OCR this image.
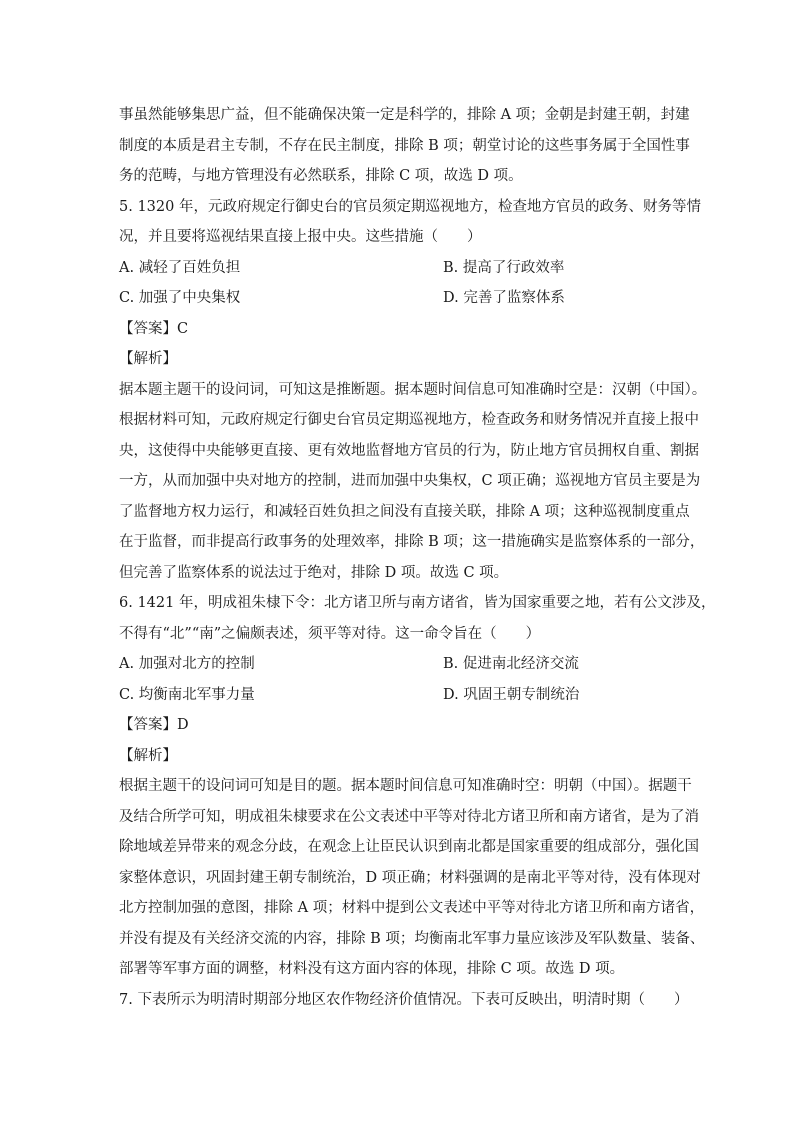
事虽然能够集思广益，但不能确保决策一定是科学的，排除 A 项；金朝是封建王朝，封建
制度的本质是君主专制，不存在民主制度，排除 B 项；朝堂讨论的这些事务属于全国性事
务的范畴，与地方管理没有必然联系，排除 C 项，故选 D 项。
5. 1320 年，元政府规定行御史台的官员须定期巡视地方，检查地方官员的政务、财务等情
况，并且要将巡视结果直接上报中央。这些措施（　　）
A. 减轻了百姓负担	B. 提高了行政效率
C. 加强了中央集权	D. 完善了监察体系
【答案】C
【解析】
据本题主题干的设问词，可知这是推断题。据本题时间信息可知准确时空是：汉朝（中国）。
根据材料可知，元政府规定行御史台官员定期巡视地方，检查政务和财务情况并直接上报中
央，这使得中央能够更直接、更有效地监督地方官员的行为，防止地方官员拥权自重、割据
一方，从而加强中央对地方的控制，进而加强中央集权，C 项正确；巡视地方官员主要是为
了监督地方权力运行，和减轻百姓负担之间没有直接关联，排除 A 项；这种巡视制度重点
在于监督，而非提高行政事务的处理效率，排除 B 项；这一措施确实是监察体系的一部分，
但完善了监察体系的说法过于绝对，排除 D 项。故选 C 项。
6. 1421 年，明成祖朱棣下令：北方诸卫所与南方诸省，皆为国家重要之地，若有公文涉及，
不得有“北”“南”之偏颇表述，须平等对待。这一命令旨在（　　）
A. 加强对北方的控制	B. 促进南北经济交流
C. 均衡南北军事力量	D. 巩固王朝专制统治
【答案】D
【解析】
根据主题干的设问词可知是目的题。据本题时间信息可知准确时空：明朝（中国）。据题干
及结合所学可知，明成祖朱棣要求在公文表述中平等对待北方诸卫所和南方诸省，是为了消
除地域差异带来的观念分歧，在观念上让臣民认识到南北都是国家重要的组成部分，强化国
家整体意识，巩固封建王朝专制统治，D 项正确；材料强调的是南北平等对待，没有体现对
北方控制加强的意图，排除 A 项；材料中提到公文表述中平等对待北方诸卫所和南方诸省，
并没有提及有关经济交流的内容，排除 B 项；均衡南北军事力量应该涉及军队数量、装备、
部署等军事方面的调整，材料没有这方面内容的体现，排除 C 项。故选 D 项。
7. 下表所示为明清时期部分地区农作物经济价值情况。下表可反映出，明清时期（　　）
